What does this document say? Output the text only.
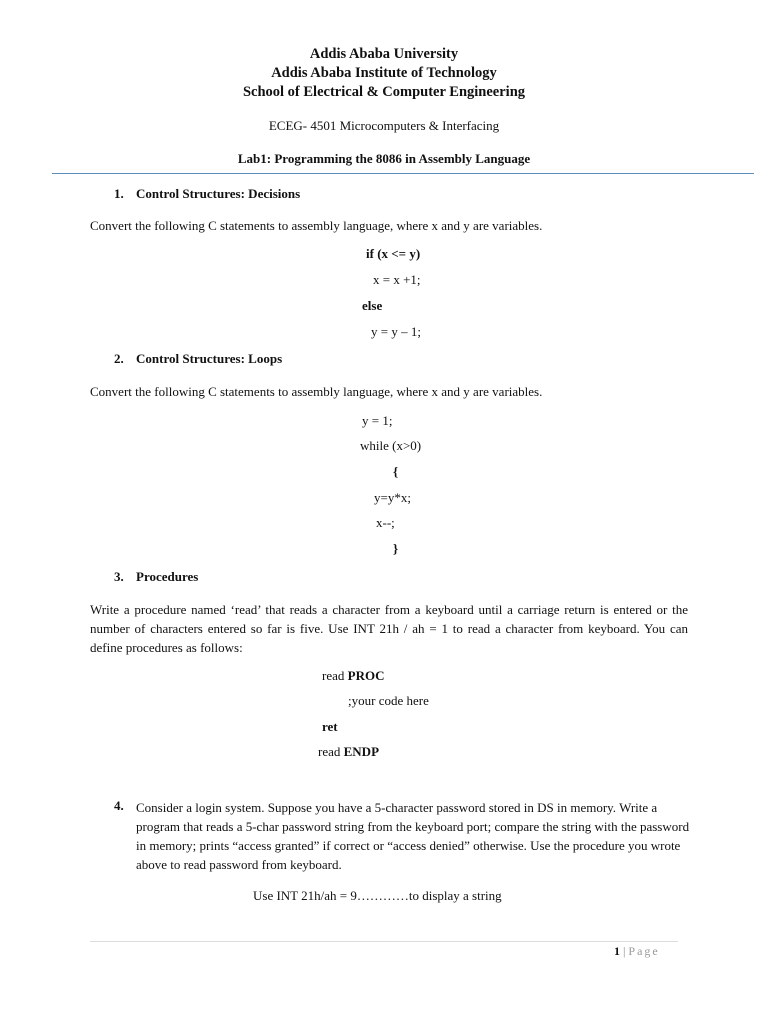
Addis Ababa University
Addis Ababa Institute of Technology
School of Electrical & Computer Engineering
ECEG- 4501 Microcomputers & Interfacing
Lab1: Programming the 8086 in Assembly Language
1. Control Structures: Decisions
Convert the following C statements to assembly language, where x and y are variables.
if (x <= y)
x = x +1;
else
y = y – 1;
2. Control Structures: Loops
Convert the following C statements to assembly language, where x and y are variables.
y = 1;
while (x>0)
{
y=y*x;
x--;
}
3. Procedures
Write a procedure named ‘read’ that reads a character from a keyboard until a carriage return is entered or the number of characters entered so far is five. Use INT 21h / ah = 1 to read a character from keyboard. You can define procedures as follows:
read PROC
;your code here
ret
read ENDP
4. Consider a login system. Suppose you have a 5-character password stored in DS in memory. Write a program that reads a 5-char password string from the keyboard port; compare the string with the password in memory; prints “access granted” if correct or “access denied” otherwise. Use the procedure you wrote above to read password from keyboard.
Use INT 21h/ah = 9…………to display a string
1 | Page
